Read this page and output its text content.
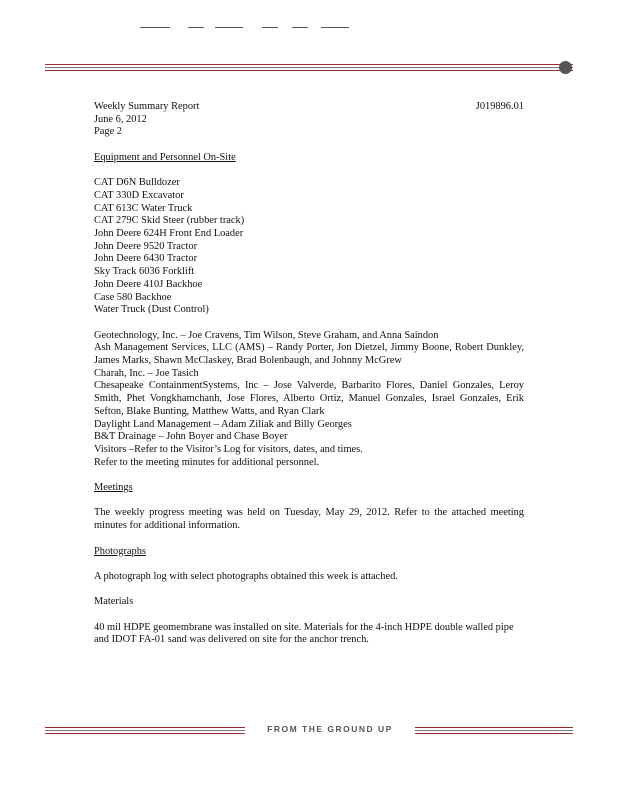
Weekly Summary Report	J019896.01
June 6, 2012
Page 2
Equipment and Personnel On-Site
CAT D6N Bulldozer
CAT 330D Excavator
CAT 613C Water Truck
CAT 279C Skid Steer (rubber track)
John Deere 624H Front End Loader
John Deere 9520 Tractor
John Deere 6430 Tractor
Sky Track 6036 Forklift
John Deere 410J Backhoe
Case 580 Backhoe
Water Truck (Dust Control)
Geotechnology, Inc. – Joe Cravens, Tim Wilson, Steve Graham, and Anna Saindon
Ash Management Services, LLC (AMS) – Randy Porter, Jon Dietzel, Jimmy Boone, Robert Dunkley, James Marks, Shawn McClaskey, Brad Bolenbaugh, and Johnny McGrew
Charah, Inc. – Joe Tasich
Chesapeake ContainmentSystems, Inc – Jose Valverde, Barbarito Flores, Daniel Gonzales, Leroy Smith, Phet Vongkhamchanh, Jose Flores, Alberto Ortiz, Manuel Gonzales, Israel Gonzales, Erik Sefton, Blake Bunting, Matthew Watts, and Ryan Clark
Daylight Land Management – Adam Ziliak and Billy Georges
B&T Drainage – John Boyer and Chase Boyer
Visitors –Refer to the Visitor’s Log for visitors, dates, and times.
Refer to the meeting minutes for additional personnel.
Meetings
The weekly progress meeting was held on Tuesday, May 29, 2012. Refer to the attached meeting minutes for additional information.
Photographs
A photograph log with select photographs obtained this week is attached.
Materials
40 mil HDPE geomembrane was installed on site. Materials for the 4-inch HDPE double walled pipe and IDOT FA-01 sand was delivered on site for the anchor trench.
FROM THE GROUND UP
